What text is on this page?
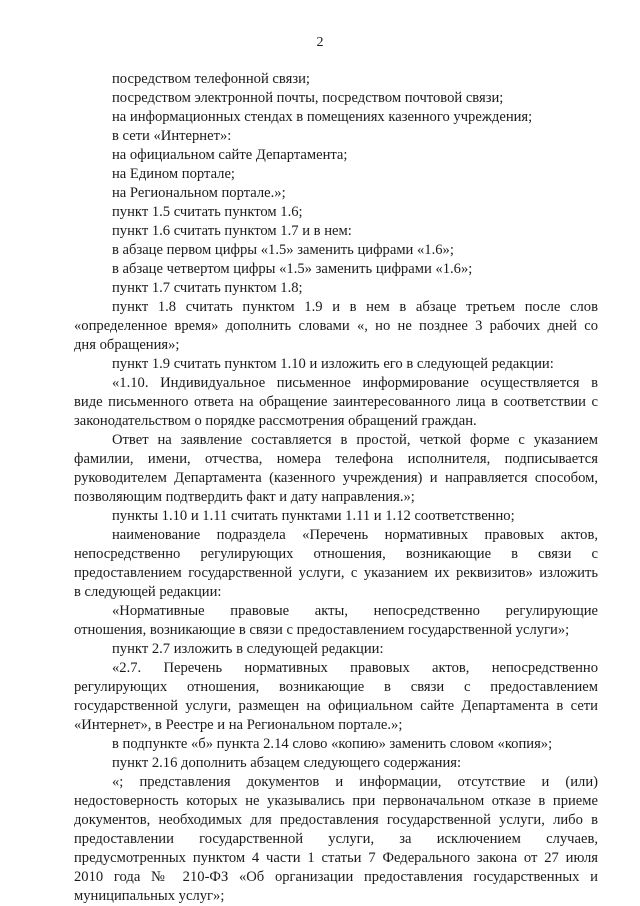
2
посредством телефонной связи;
посредством электронной почты, посредством почтовой связи;
на информационных стендах в помещениях казенного учреждения;
в сети «Интернет»:
на официальном сайте Департамента;
на Едином портале;
на Региональном портале.»;
пункт 1.5 считать пунктом 1.6;
пункт 1.6 считать пунктом 1.7 и в нем:
в абзаце первом цифры «1.5» заменить цифрами «1.6»;
в абзаце четвертом цифры «1.5» заменить цифрами «1.6»;
пункт 1.7 считать пунктом 1.8;
пункт 1.8 считать пунктом 1.9 и в нем в абзаце третьем после слов
«определенное время» дополнить словами «, но не позднее 3 рабочих дней со
дня обращения»;
пункт 1.9 считать пунктом 1.10 и изложить его в следующей редакции:
«1.10. Индивидуальное письменное информирование осуществляется в
виде письменного ответа на обращение заинтересованного лица в соответствии с
законодательством о порядке рассмотрения обращений граждан.
Ответ на заявление составляется в простой, четкой форме с указанием
фамилии, имени, отчества, номера телефона исполнителя, подписывается
руководителем Департамента (казенного учреждения) и направляется способом,
позволяющим подтвердить факт и дату направления.»;
пункты 1.10 и 1.11 считать пунктами 1.11 и 1.12 соответственно;
наименование подраздела «Перечень нормативных правовых актов,
непосредственно регулирующих отношения, возникающие в связи с
предоставлением государственной услуги, с указанием их реквизитов» изложить
в следующей редакции:
«Нормативные правовые акты, непосредственно регулирующие
отношения, возникающие в связи с предоставлением государственной услуги»;
пункт 2.7 изложить в следующей редакции:
«2.7. Перечень нормативных правовых актов, непосредственно
регулирующих отношения, возникающие в связи с предоставлением
государственной услуги, размещен на официальном сайте Департамента в сети
«Интернет», в Реестре и на Региональном портале.»;
в подпункте «б» пункта 2.14 слово «копию» заменить словом «копия»;
пункт 2.16 дополнить абзацем следующего содержания:
«; представления документов и информации, отсутствие и (или)
недостоверность которых не указывались при первоначальном отказе в приеме
документов, необходимых для предоставления государственной услуги, либо в
предоставлении государственной услуги, за исключением случаев,
предусмотренных пунктом 4 части 1 статьи 7 Федерального закона от 27 июля
2010 года № 210-ФЗ «Об организации предоставления государственных и
муниципальных услуг»;
